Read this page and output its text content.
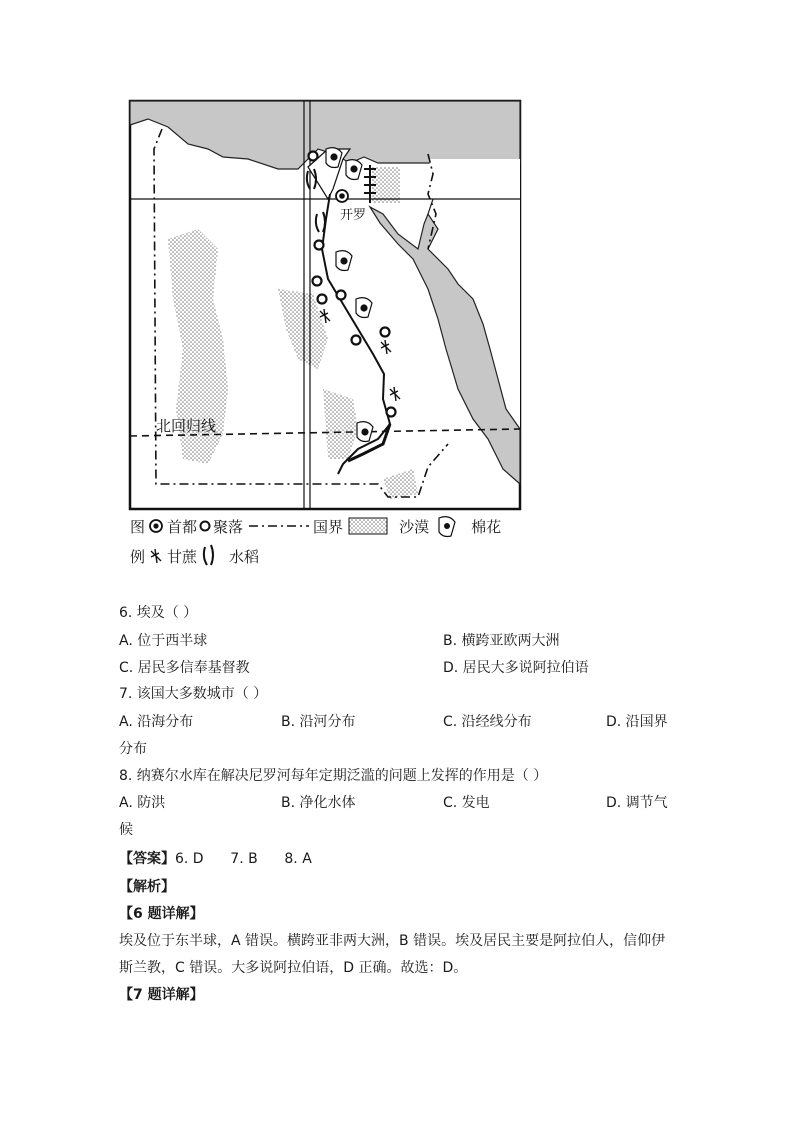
北回归线
开罗
图 首都 聚落	国界	沙漠	棉花
例 甘蔗 水稻
6. 埃及（ ）
A. 位于西半球	B. 横跨亚欧两大洲
C. 居民多信奉基督教	D. 居民大多说阿拉伯语
7. 该国大多数城市（ ）
A. 沿海分布	B. 沿河分布	C. 沿经线分布	D. 沿国界
分布
8. 纳赛尔水库在解决尼罗河每年定期泛滥的问题上发挥的作用是（ ）
A. 防洪	B. 净化水体	C. 发电	D. 调节气
候
【答案】6. D      7. B      8. A
【解析】
【6 题详解】
埃及位于东半球，A 错误。横跨亚非两大洲，B 错误。埃及居民主要是阿拉伯人，信仰伊
斯兰教，C 错误。大多说阿拉伯语，D 正确。故选：D。
【7 题详解】
